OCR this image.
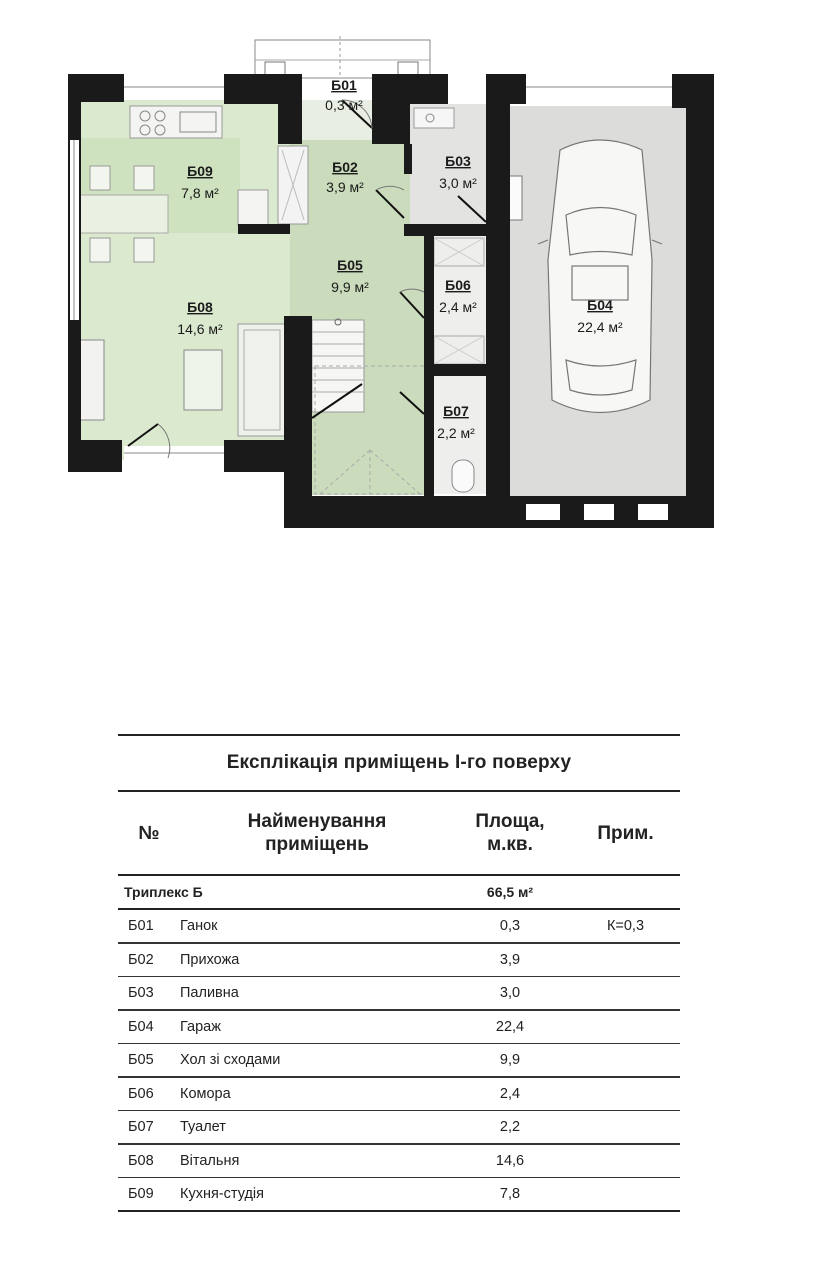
Б01
0,3 м²
Б02
3,9 м²
Б03
3,0 м²
Б04
22,4 м²
Б05
9,9 м²	Б06
2,4 м²
Б07
2,2 м²
Б08
14,6 м²
Б09
7,8 м²
Експлікація приміщень І-го поверху
№
Найменування
приміщень
Площа,
м.кв.
Прим.
Триплекс Б	66,5 м²
Б01 Ганок	0,3	К=0,3
Б02 Прихожа	3,9
Б03 Паливна	3,0
Б04 Гараж	22,4
Б05 Хол зі сходами	9,9
Б06 Комора	2,4
Б07 Туалет	2,2
Б08 Вітальня	14,6
Б09 Кухня-студія	7,8
